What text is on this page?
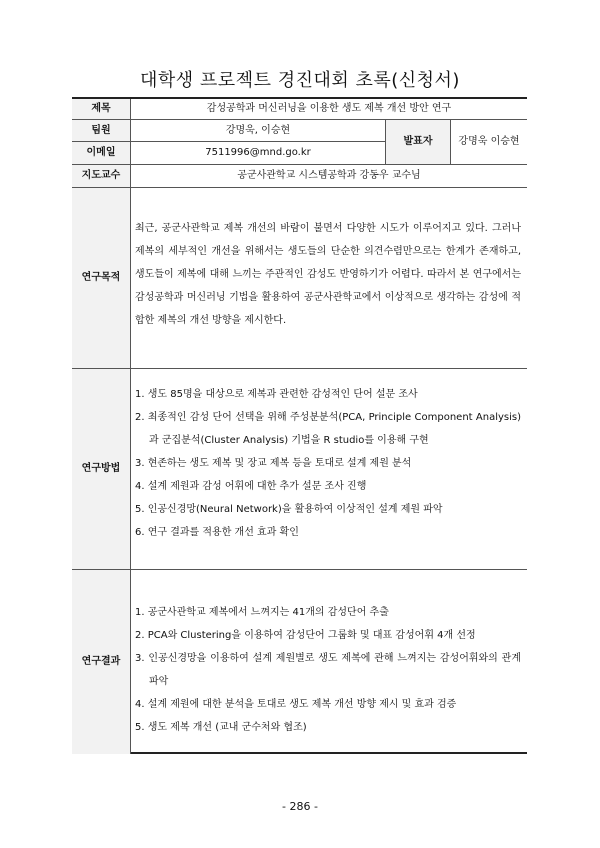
대학생 프로젝트 경진대회 초록(신청서)
제목
팀원
이메일
지도교수
연구목적
연구방법
연구결과
발표자
감성공학과 머신러닝을 이용한 생도 제복 개선 방안 연구
강명욱, 이승현
7511996@mnd.go.kr
강명욱 이승현
공군사관학교 시스템공학과 강동우 교수님

최근, 공군사관학교 제복 개선의 바람이 불면서 다양한 시도가 이루어지고 있다. 그러나 제복의 세부적인 개선을 위해서는 생도들의 단순한 의견수렴만으로는 한계가 존재하고, 생도들이 제복에 대해 느끼는 주관적인 감성도 반영하기가 어렵다. 따라서 본 연구에서는 감성공학과 머신러닝 기법을 활용하여 공군사관학교에서 이상적으로 생각하는 감성에 적합한 제복의 개선 방향을 제시한다.

1. 생도 85명을 대상으로 제복과 관련한 감성적인 단어 설문 조사
2. 최종적인 감성 단어 선택을 위해 주성분분석(PCA, Principle Component Analysis)과 군집분석(Cluster Analysis) 기법을 R studio를 이용해 구현
3. 현존하는 생도 제복 및 장교 제복 등을 토대로 설계 제원 분석
4. 설계 제원과 감성 어휘에 대한 추가 설문 조사 진행
5. 인공신경망(Neural Network)을 활용하여 이상적인 설계 제원 파악
6. 연구 결과를 적용한 개선 효과 확인
1. 공군사관학교 제복에서 느껴지는 41개의 감성단어 추출
2. PCA와 Clustering을 이용하여 감성단어 그룹화 및 대표 감성어휘 4개 선정
3. 인공신경망을 이용하여 설계 제원별로 생도 제복에 관해 느껴지는 감성어휘와의 관계 파악
4. 설계 제원에 대한 분석을 토대로 생도 제복 개선 방향 제시 및 효과 검증
5. 생도 제복 개선 (교내 군수처와 협조)
- 286 -
